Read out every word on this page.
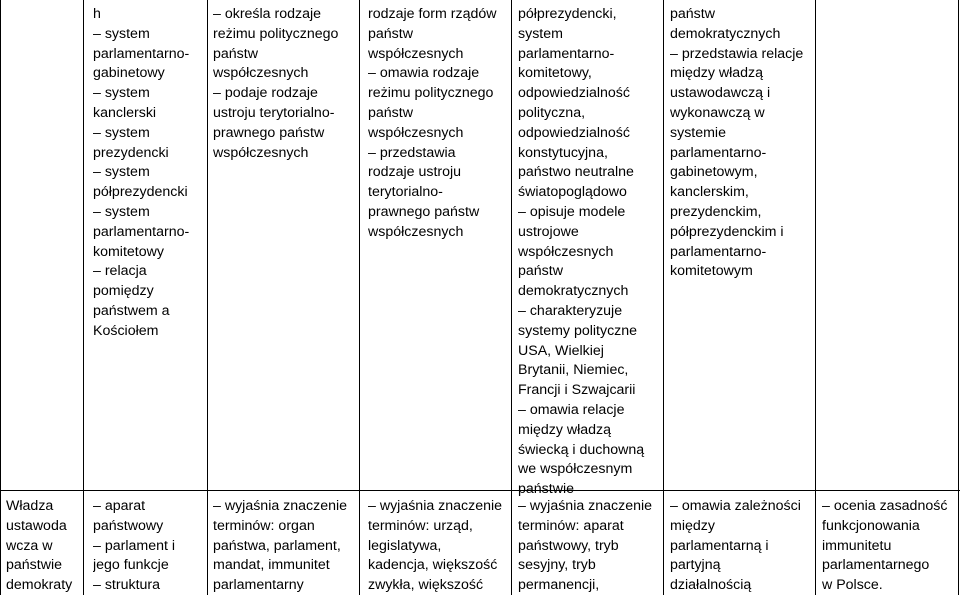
h
– system
parlamentarno-
gabinetowy
– system
kanclerski
– system
prezydencki
– system
półprezydencki
– system
parlamentarno-
komitetowy
– relacja
pomiędzy
państwem a
Kościołem
– określa rodzaje
reżimu politycznego
państw
współczesnych
– podaje rodzaje
ustroju terytorialno-
prawnego państw
współczesnych
rodzaje form rządów
państw
współczesnych
– omawia rodzaje
reżimu politycznego
państw
współczesnych
– przedstawia
rodzaje ustroju
terytorialno-
prawnego państw
współczesnych
półprezydencki,
system
parlamentarno-
komitetowy,
odpowiedzialność
polityczna,
odpowiedzialność
konstytucyjna,
państwo neutralne
światopoglądowo
– opisuje modele
ustrojowe
współczesnych
państw
demokratycznych
– charakteryzuje
systemy polityczne
USA, Wielkiej
Brytanii, Niemiec,
Francji i Szwajcarii
– omawia relacje
między władzą
świecką i duchowną
we współczesnym
państwie
państw
demokratycznych
– przedstawia relacje
między władzą
ustawodawczą i
wykonawczą w
systemie
parlamentarno-
gabinetowym,
kanclerskim,
prezydenckim,
półprezydenckim i
parlamentarno-
komitetowym
Władza
ustawoda
wcza w
państwie
demokraty
– aparat
państwowy
– parlament i
jego funkcje
– struktura
– wyjaśnia znaczenie
terminów: organ
państwa, parlament,
mandat, immunitet
parlamentarny
– wyjaśnia znaczenie
terminów: urząd,
legislatywa,
kadencja, większość
zwykła, większość
– wyjaśnia znaczenie
terminów: aparat
państwowy, tryb
sesyjny, tryb
permanencji,
– omawia zależności
między
parlamentarną i
partyjną
działalnością
– ocenia zasadność
funkcjonowania
immunitetu
parlamentarnego
w Polsce.
